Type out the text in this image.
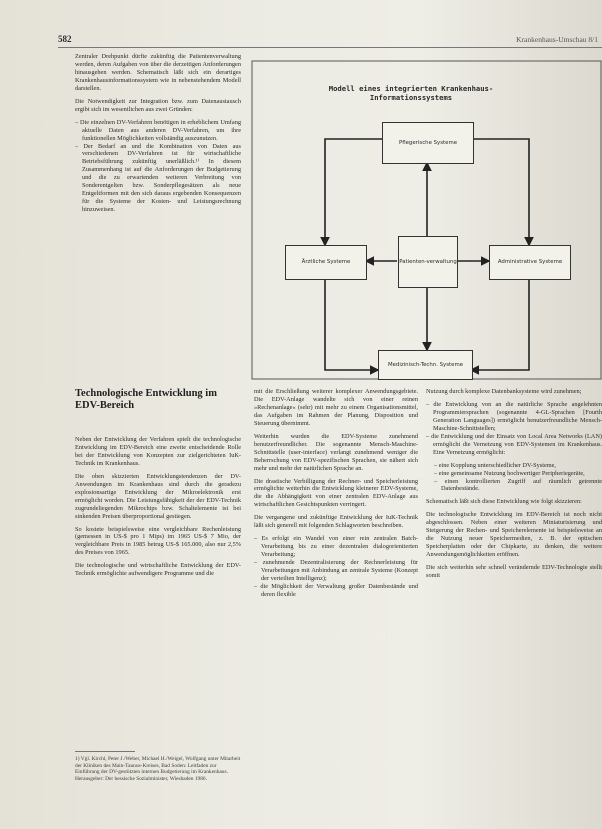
582	Krankenhaus-Umschau 8/1

Zentraler Drehpunkt dürfte zukünftig die Patientenverwaltung werden, deren Aufgaben von über die derzeitigen Anforderungen hinausgehen werden. Schematisch läßt sich ein derartiges Krankenhausinformationssystem wie in nebenstehendem Modell darstellen.

Die Notwendigkeit zur Integration bzw. zum Datenaustausch ergibt sich im wesentlichen aus zwei Gründen:

– Die einzelnen DV-Verfahren benötigen in erheblichem Umfang aktuelle Daten aus anderen DV-Verfahren, um ihre funktionellen Möglichkeiten vollständig auszunutzen.
– Der Bedarf an und die Kombination von Daten aus verschiedenen DV-Verfahren ist für wirtschaftliche Betriebsführung zukünftig unerläßlich.¹⁾ In diesem Zusammenhang ist auf die Anforderungen der Budgetierung und die zu erwartenden weiteren Verbreitung von Sonderentgelten bzw. Sonderpflegesätzen als neue Entgeltformen mit den sich daraus ergebenden Konsequenzen für die Systeme der Kosten- und Leistungsrechnung hinzuweisen.
Modell eines integrierten Krankenhaus-
Informationssystems
Pflegerische Systeme
Ärztliche Systeme	Patienten-verwaltung	Administrative Systeme
Medizinisch-Techn. Systeme
Technologische Entwicklung im EDV-Bereich

Neben der Entwicklung der Verfahren spielt die technologische Entwicklung im EDV-Bereich eine zweite entscheidende Rolle bei der Entwicklung von Konzepten zur zielgerichteten IuK-Technik im Krankenhaus.

Die oben skizzierten Entwicklungstendenzen der DV-Anwendungen im Krankenhaus sind durch die geradezu explosionsartige Entwicklung der Mikroelektronik erst ermöglicht worden. Die Leistungsfähigkeit der der EDV-Technik zugrundeliegenden Mikrochips bzw. Schaltelemente ist bei sinkenden Preisen überproportional gestiegen.

So kostete beispielsweise eine vergleichbare Rechenleistung (gemessen in US-$ pro 1 Mips) im 1965 US-$ 7 Mio, der vergleichbare Preis in 1985 betrug US-$ 165.000, also nur 2,5% des Preises von 1965.

Die technologische und wirtschaftliche Entwicklung der EDV-Technik ermöglichte aufwendigere Programme und die

1) Vgl. Kirchl, Peter J./Weber, Michael H./Weigel, Wolfgang unter Mitarbeit der Kliniken des Main-Taunus-Kreises, Bad Soden: Leitfaden zur Einführung der DV-gestützten internen Budgetierung im Krankenhaus. Herausgeber: Der hessische Sozialminister, Wiesbaden 1986.

mit die Erschließung weiterer komplexer Anwendungsgebiete. Die EDV-Anlage wandelte sich von einer reinen »Rechenanlage« (sehr) mit mehr zu einem Organisationsmittel, das Aufgaben im Rahmen der Planung, Disposition und Steuerung übernimmt.

Weiterhin wurden die EDV-Systeme zunehmend benutzerfreundlicher. Die sogenannte Mensch-Maschine-Schnittstelle (user-interface) verlangt zunehmend weniger die Beherrschung von EDV-spezifischen Sprachen, sie nähert sich mehr und mehr der natürlichen Sprache an.

Die drastische Verbilligung der Rechner- und Speicherleistung ermöglichte weiterhin die Entwicklung kleinerer EDV-Systeme, die die Abhängigkeit von einer zentralen EDV-Anlage aus wirtschaftlichen Gesichtspunkten verringert.

Die vergangene und zukünftige Entwicklung der IuK-Technik läßt sich generell mit folgenden Schlagworten beschreiben.

– Es erfolgt ein Wandel von einer rein zentralen Batch-Verarbeitung bis zu einer dezentralen dialogorientierten Verarbeitung;
– zunehmende Dezentralisierung der Rechnerleistung für Verarbeitungen mit Anbindung an zentrale Systeme (Konzept der verteilten Intelligenz);
– die Möglichkeit der Verwaltung großer Datenbestände und deren flexible

Nutzung durch komplexe Datenbanksysteme wird zunehmen;

– die Entwicklung von an die natürliche Sprache angelehnten Programmiersprachen (sogenannte 4-GL-Sprachen [Fourth Generation Languages]) ermöglicht benutzerfreundliche Mensch-Maschine-Schnittstellen;
– die Entwicklung und der Einsatz von Local Area Networks (LAN) ermöglicht die Vernetzung von EDV-Systemen im Krankenhaus. Eine Vernetzung ermöglicht:
– eine Kopplung unterschiedlicher DV-Systeme,
– eine gemeinsame Nutzung hochwertiger Peripheriegeräte,
– einen kontrollierten Zugriff auf räumlich getrennte Datenbestände.

Schematisch läßt sich diese Entwicklung wie folgt skizzieren:

Die technologische Entwicklung im EDV-Bereich ist noch nicht abgeschlossen. Neben einer weiteren Miniaturisierung und Steigerung der Rechen- und Speicherelemente ist beispielsweise an die Nutzung neuer Speichermedien, z. B. der optischen Speicherplatten oder der Chipkarte, zu denken, die weitere Anwendungsmöglichkeiten eröffnen.

Die sich weiterhin sehr schnell verändernde EDV-Technologie stellt somit
